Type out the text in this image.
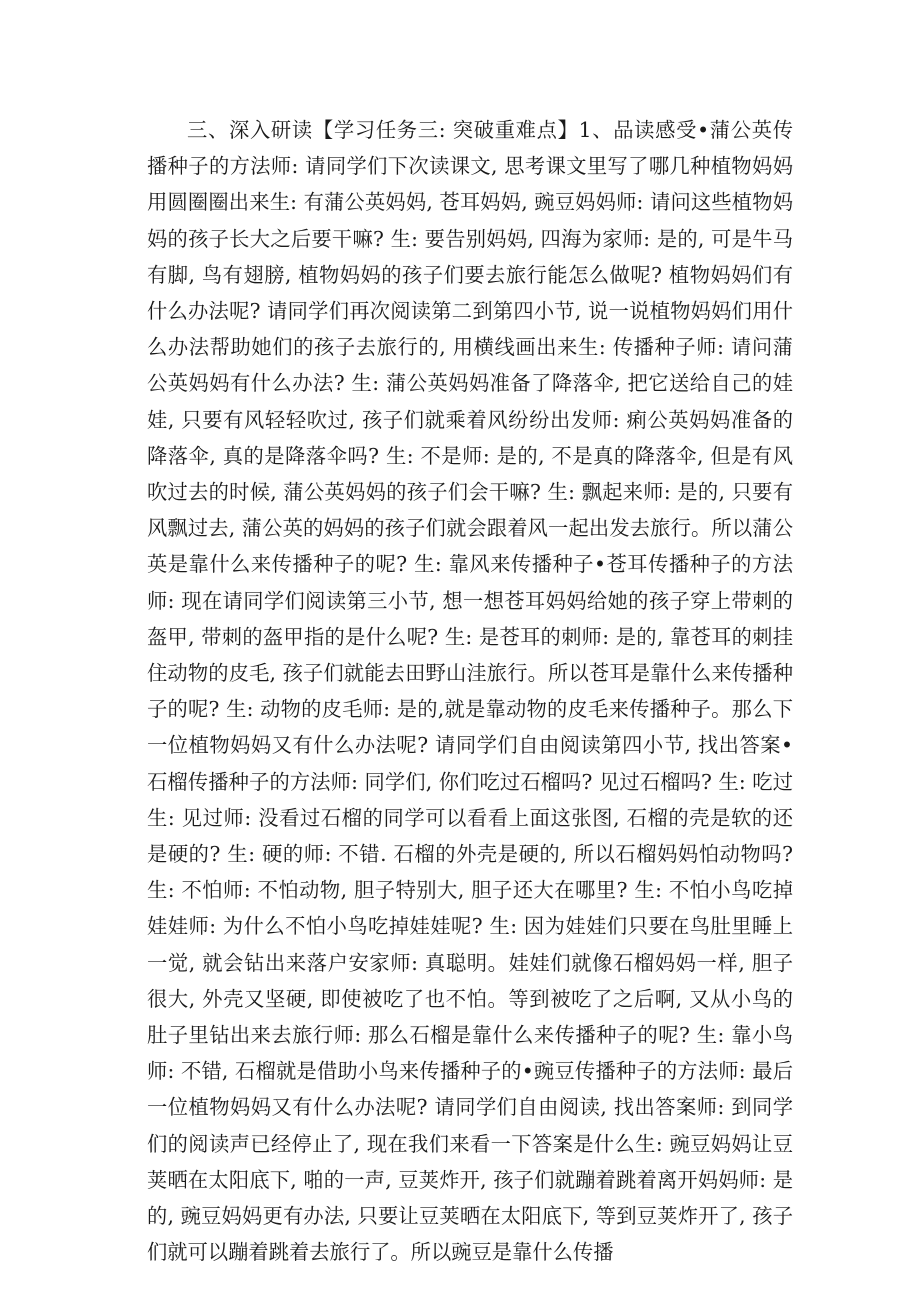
三、深入研读【学习任务三: 突破重难点】1、品读感受•蒲公英传播种子的方法师: 请同学们下次读课文, 思考课文里写了哪几种植物妈妈用圆圈圈出来生: 有蒲公英妈妈, 苍耳妈妈, 豌豆妈妈师: 请问这些植物妈妈的孩子长大之后要干嘛? 生: 要告别妈妈, 四海为家师: 是的, 可是牛马有脚, 鸟有翅膀, 植物妈妈的孩子们要去旅行能怎么做呢? 植物妈妈们有什么办法呢? 请同学们再次阅读第二到第四小节, 说一说植物妈妈们用什么办法帮助她们的孩子去旅行的, 用横线画出来生: 传播种子师: 请问蒲公英妈妈有什么办法? 生: 蒲公英妈妈准备了降落伞, 把它送给自己的娃娃, 只要有风轻轻吹过, 孩子们就乘着风纷纷出发师: 痢公英妈妈准备的降落伞, 真的是降落伞吗? 生: 不是师: 是的, 不是真的降落伞, 但是有风吹过去的时候, 蒲公英妈妈的孩子们会干嘛? 生: 飘起来师: 是的, 只要有风飘过去, 蒲公英的妈妈的孩子们就会跟着风一起出发去旅行。所以蒲公英是靠什么来传播种子的呢? 生: 靠风来传播种子•苍耳传播种子的方法师: 现在请同学们阅读第三小节, 想一想苍耳妈妈给她的孩子穿上带刺的盔甲, 带刺的盔甲指的是什么呢? 生: 是苍耳的刺师: 是的, 靠苍耳的刺挂住动物的皮毛, 孩子们就能去田野山洼旅行。所以苍耳是靠什么来传播种子的呢? 生: 动物的皮毛师: 是的,就是靠动物的皮毛来传播种子。那么下一位植物妈妈又有什么办法呢? 请同学们自由阅读第四小节, 找出答案•石榴传播种子的方法师: 同学们, 你们吃过石榴吗? 见过石榴吗? 生: 吃过生: 见过师: 没看过石榴的同学可以看看上面这张图, 石榴的壳是软的还是硬的? 生: 硬的师: 不错. 石榴的外壳是硬的, 所以石榴妈妈怕动物吗? 生: 不怕师: 不怕动物, 胆子特别大, 胆子还大在哪里? 生: 不怕小鸟吃掉娃娃师: 为什么不怕小鸟吃掉娃娃呢? 生: 因为娃娃们只要在鸟肚里睡上一觉, 就会钻出来落户安家师: 真聪明。娃娃们就像石榴妈妈一样, 胆子很大, 外壳又坚硬, 即使被吃了也不怕。等到被吃了之后啊, 又从小鸟的肚子里钻出来去旅行师: 那么石榴是靠什么来传播种子的呢? 生: 靠小鸟师: 不错, 石榴就是借助小鸟来传播种子的•豌豆传播种子的方法师: 最后一位植物妈妈又有什么办法呢? 请同学们自由阅读, 找出答案师: 到同学们的阅读声已经停止了, 现在我们来看一下答案是什么生: 豌豆妈妈让豆荚晒在太阳底下, 啪的一声, 豆荚炸开, 孩子们就蹦着跳着离开妈妈师: 是的, 豌豆妈妈更有办法, 只要让豆荚晒在太阳底下, 等到豆荚炸开了, 孩子们就可以蹦着跳着去旅行了。所以豌豆是靠什么传播
